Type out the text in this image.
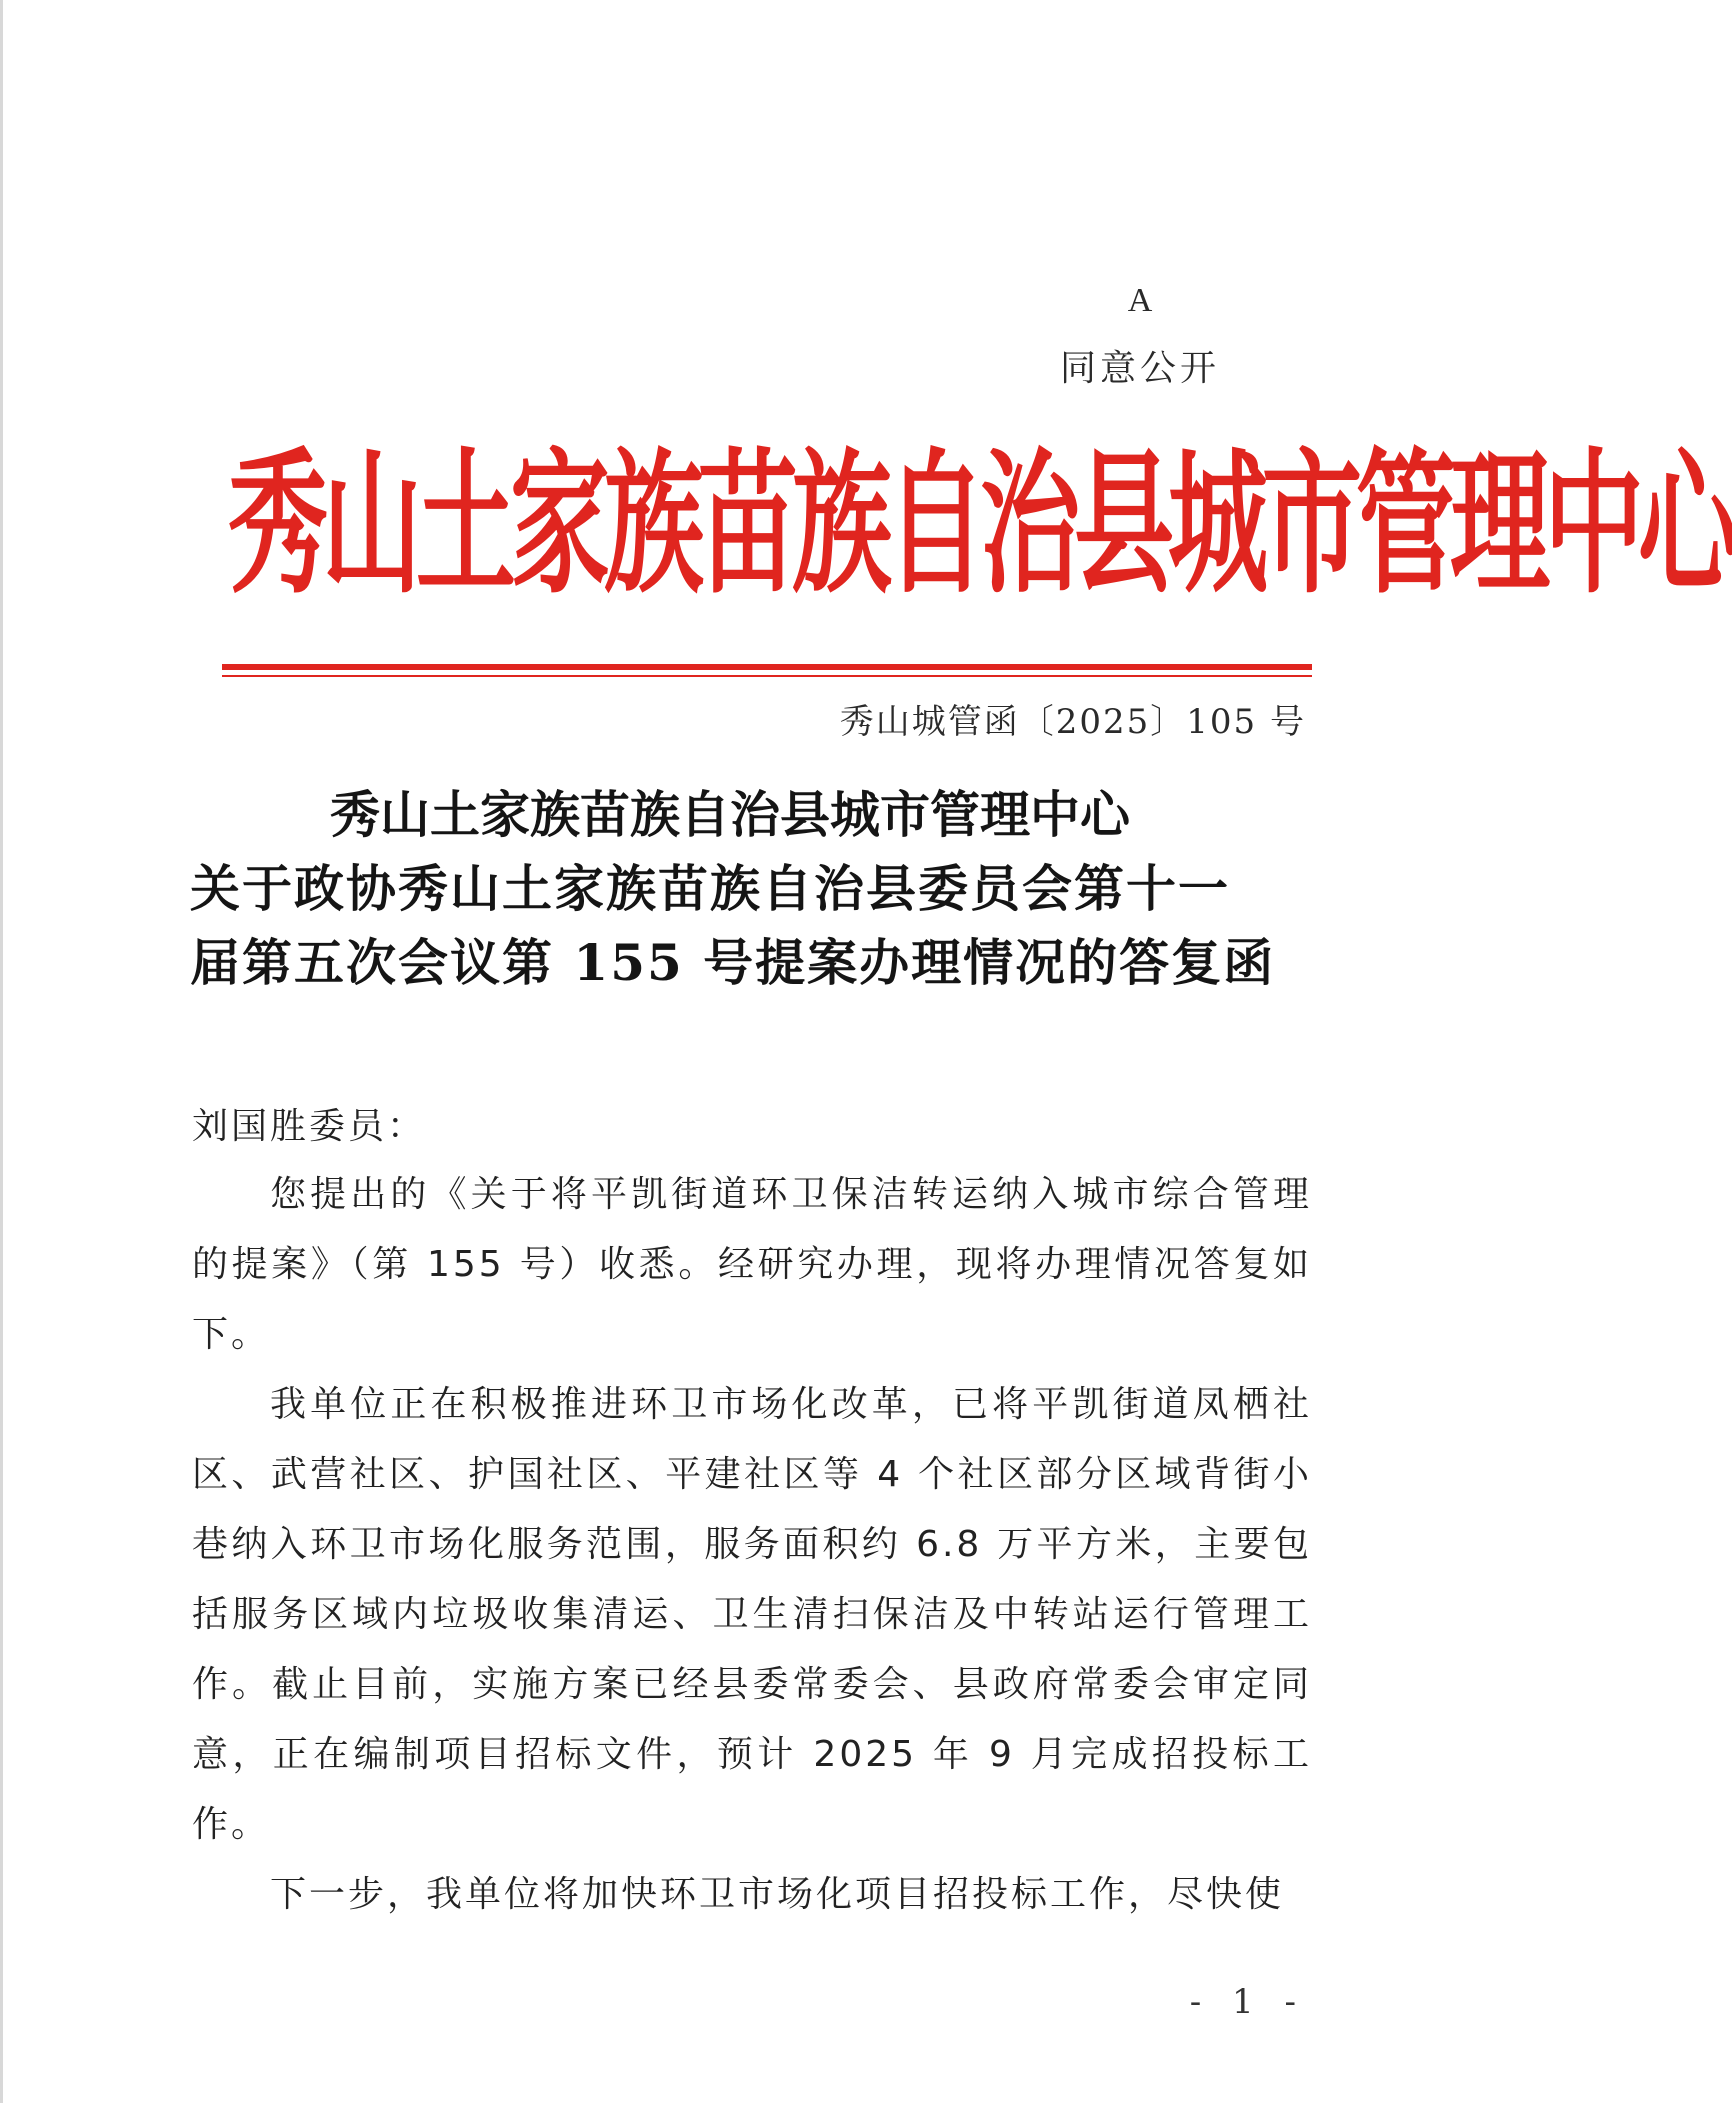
A
同意公开
秀山土家族苗族自治县城市管理中心
秀山城管函〔2025〕105 号
秀山土家族苗族自治县城市管理中心
关于政协秀山土家族苗族自治县委员会第十一
届第五次会议第 155 号提案办理情况的答复函
刘国胜委员：

您提出的《关于将平凯街道环卫保洁转运纳入城市综合管理的提案》（第 155 号）收悉。经研究办理，现将办理情况答复如下。

我单位正在积极推进环卫市场化改革，已将平凯街道凤栖社区、武营社区、护国社区、平建社区等 4 个社区部分区域背街小巷纳入环卫市场化服务范围，服务面积约 6.8 万平方米，主要包括服务区域内垃圾收集清运、卫生清扫保洁及中转站运行管理工作。截止目前，实施方案已经县委常委会、县政府常委会审定同意，正在编制项目招标文件，预计 2025 年 9 月完成招投标工作。

下一步，我单位将加快环卫市场化项目招投标工作，尽快使

- 1 -
